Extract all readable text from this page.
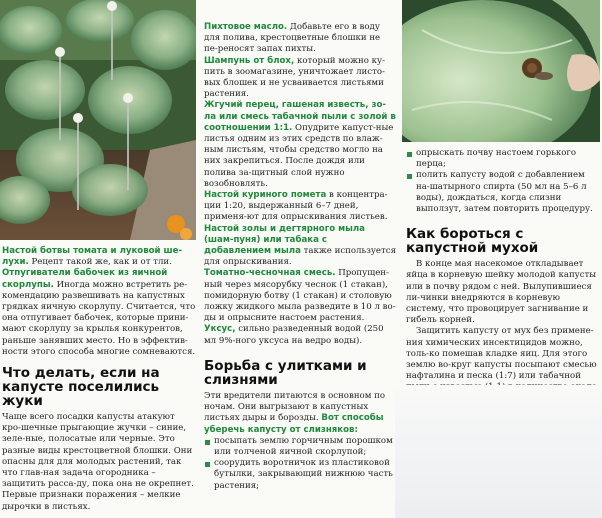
Настой ботвы томата и луковой ше-лухи. Рецепт такой же, как и от тли.

Отпугиватели бабочек из яичной скорлупы. Иногда можно встретить ре-комендацию развешивать на капустных грядках яичную скорлупу. Считается, что она отпугивает бабочек, которые прини-мают скорлупу за крылья конкурентов, раньше занявших место. Но в эффектив-ности этого способа многие сомневаются.

Что делать, если на капусте поселились жуки

Чаще всего посадки капусты атакуют кро-шечные прыгающие жучки – синие, зеле-ные, полосатые или черные. Это разные виды крестоцветной блошки. Они опасны для для молодых растений, так что глав-ная задача огородника – защитить расса-ду, пока она не окрепнет. Первые признаки поражения – мелкие дырочки в листьях.

Пихтовое масло. Добавьте его в воду для полива, крестоцветные блошки не пе-реносят запах пихты.

Шампунь от блох, который можно ку-пить в зоомагазине, уничтожает листо-вых блошек и не усваивается листьями растения.

Жгучий перец, гашеная известь, зо-ла или смесь табачной пыли с золой в соотношении 1:1. Опудрите капуст-ные листья одним из этих средств по влаж-ным листьям, чтобы средство могло на них закрепиться. После дождя или полива за-щитный слой нужно возобновлять.

Настой куриного помета в концентра-ции 1:20, выдержанный 6–7 дней, применя-ют для опрыскивания листьев.

Настой золы и дегтярного мыла (шам-пуня) или табака с добавлением мыла также используется для опрыскивания.

Томатно-чесночная смесь. Пропущен-ный через мясорубку чеснок (1 стакан), помидорную ботву (1 стакан) и столовую ложку жидкого мыла разведите в 10 л во-ды и опрысните настоем растения.

Уксус, сильно разведенный водой (250 мл 9%-ного уксуса на ведро воды).

Борьба с улитками и слизнями

Эти вредители питаются в основном по ночам. Они выгрызают в капустных листьях дыры и борозды. Вот способы уберечь капусту от слизняков:

посыпать землю горчичным порошком или толченой яичной скорлупой;

соорудить воротничок из пластиковой бутылки, закрывающий нижнюю часть растения;

опрыскать почву настоем горького перца;

полить капусту водой с добавлением на-шатырного спирта (50 мл на 5–6 л воды), дождаться, когда слизни выползут, затем повторить процедуру.

Как бороться с капустной мухой

В конце мая насекомое откладывает яйца в корневую шейку молодой капусты или в почву рядом с ней. Вылупившиеся ли-чинки внедряются в корневую систему, что провоцирует загнивание и гибель корней.

Защитить капусту от мух без примене-ния химических инсектицидов можно, толь-ко помешав кладке яиц. Для этого землю во-круг капусты посыпают смесью нафталина и песка (1:7) или табачной
